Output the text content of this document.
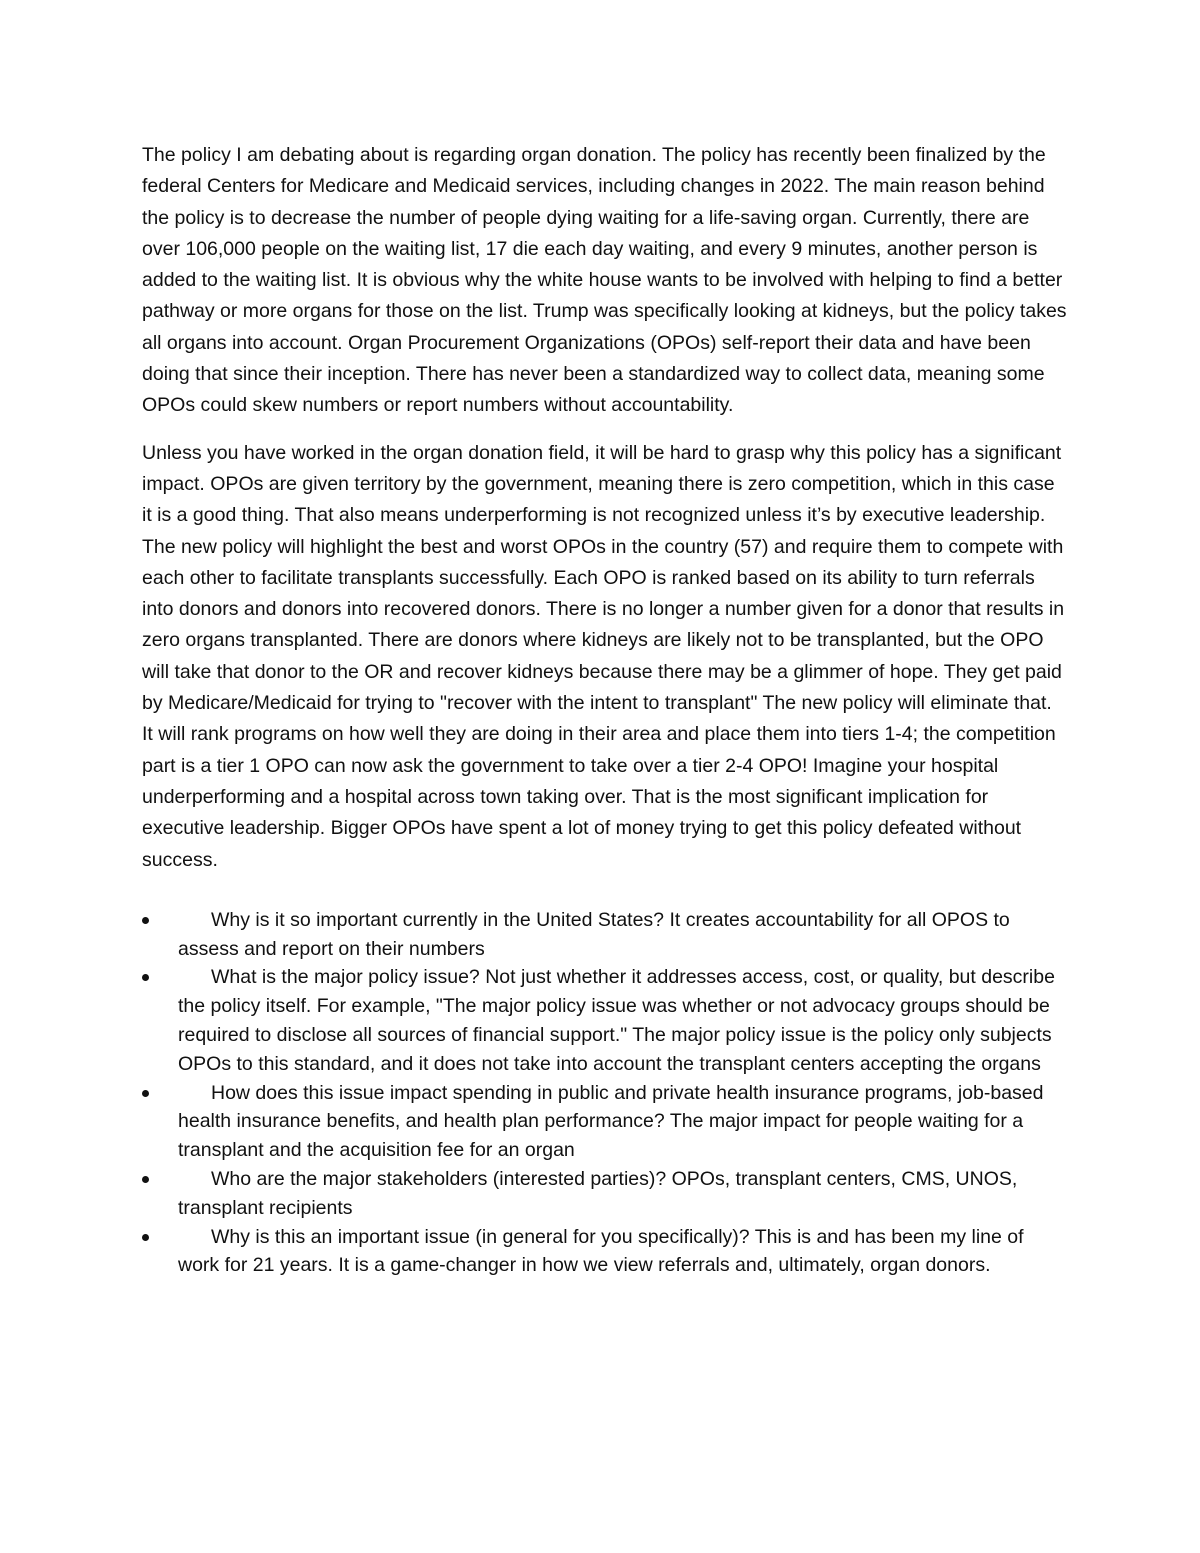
The policy I am debating about is regarding organ donation. The policy has recently been finalized by the federal Centers for Medicare and Medicaid services, including changes in 2022. The main reason behind the policy is to decrease the number of people dying waiting for a life-saving organ. Currently, there are over 106,000 people on the waiting list, 17 die each day waiting, and every 9 minutes, another person is added to the waiting list. It is obvious why the white house wants to be involved with helping to find a better pathway or more organs for those on the list. Trump was specifically looking at kidneys, but the policy takes all organs into account. Organ Procurement Organizations (OPOs) self-report their data and have been doing that since their inception. There has never been a standardized way to collect data, meaning some OPOs could skew numbers or report numbers without accountability.

Unless you have worked in the organ donation field, it will be hard to grasp why this policy has a significant impact. OPOs are given territory by the government, meaning there is zero competition, which in this case it is a good thing. That also means underperforming is not recognized unless it’s by executive leadership. The new policy will highlight the best and worst OPOs in the country (57) and require them to compete with each other to facilitate transplants successfully. Each OPO is ranked based on its ability to turn referrals into donors and donors into recovered donors. There is no longer a number given for a donor that results in zero organs transplanted. There are donors where kidneys are likely not to be transplanted, but the OPO will take that donor to the OR and recover kidneys because there may be a glimmer of hope. They get paid by Medicare/Medicaid for trying to "recover with the intent to transplant" The new policy will eliminate that. It will rank programs on how well they are doing in their area and place them into tiers 1-4; the competition part is a tier 1 OPO can now ask the government to take over a tier 2-4 OPO! Imagine your hospital underperforming and a hospital across town taking over. That is the most significant implication for executive leadership. Bigger OPOs have spent a lot of money trying to get this policy defeated without success.

Why is it so important currently in the United States? It creates accountability for all OPOS to assess and report on their numbers
What is the major policy issue? Not just whether it addresses access, cost, or quality, but describe the policy itself. For example, "The major policy issue was whether or not advocacy groups should be required to disclose all sources of financial support." The major policy issue is the policy only subjects OPOs to this standard, and it does not take into account the transplant centers accepting the organs
How does this issue impact spending in public and private health insurance programs, job-based health insurance benefits, and health plan performance? The major impact for people waiting for a transplant and the acquisition fee for an organ
Who are the major stakeholders (interested parties)? OPOs, transplant centers, CMS, UNOS, transplant recipients
Why is this an important issue (in general for you specifically)? This is and has been my line of work for 21 years. It is a game-changer in how we view referrals and, ultimately, organ donors.
